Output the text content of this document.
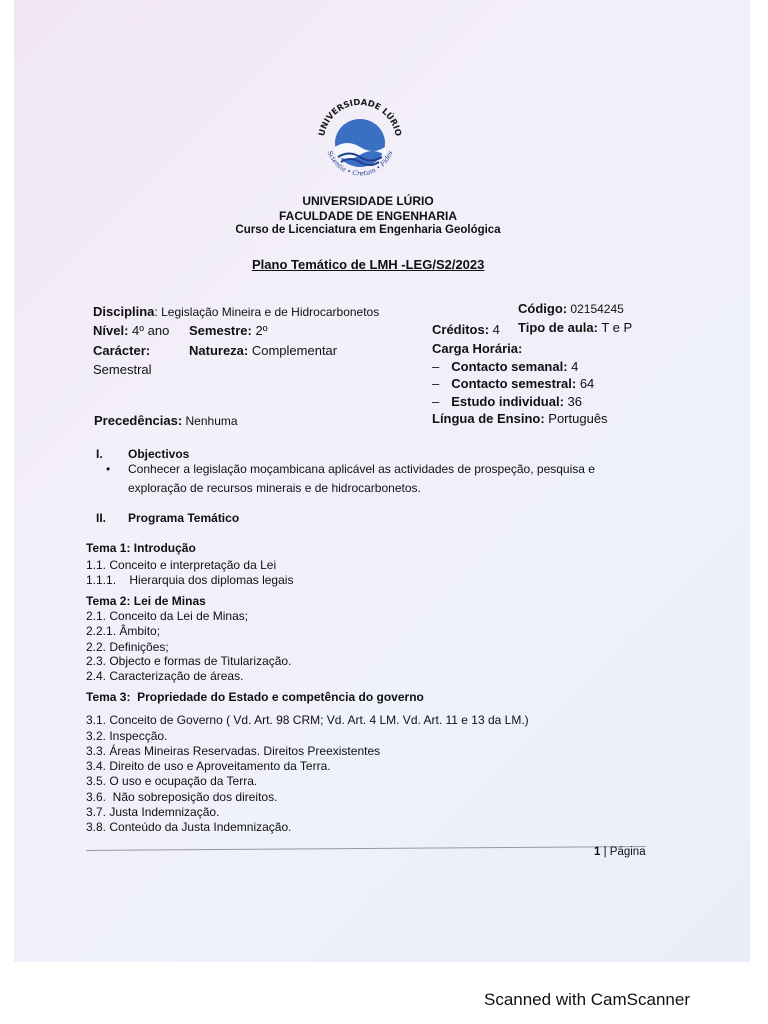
UNIVERSIDADE LÚRIO
Scientia • Cretum • Fides
UNIVERSIDADE LÚRIO
FACULDADE DE ENGENHARIA
Curso de Licenciatura em Engenharia Geológica
Plano Temático de LMH -LEG/S2/2023
Disciplina: Legislação Mineira e de Hidrocarbonetos	Código: 02154245
Nível: 4º ano Semestre: 2º	Créditos: 4 Tipo de aula: T e P
Carácter:	Natureza: Complementar	Carga Horária:
Semestral	– Contacto semanal: 4
– Contacto semestral: 64
– Estudo individual: 36
Precedências: Nenhuma	Língua de Ensino: Português
I. Objectivos
• Conhecer a legislação moçambicana aplicável as actividades de prospeção, pesquisa e
exploração de recursos minerais e de hidrocarbonetos.
II. Programa Temático
Tema 1: Introdução
1.1. Conceito e interpretação da Lei
1.1.1.    Hierarquia dos diplomas legais
Tema 2: Lei de Minas
2.1. Conceito da Lei de Minas;
2.2.1. Âmbito;
2.2. Definições;
2.3. Objecto e formas de Titularização.
2.4. Caracterização de áreas.
Tema 3:  Propriedade do Estado e competência do governo
3.1. Conceito de Governo ( Vd. Art. 98 CRM; Vd. Art. 4 LM. Vd. Art. 11 e 13 da LM.)
3.2. Inspecção.
3.3. Áreas Mineiras Reservadas. Direitos Preexistentes
3.4. Direito de uso e Aproveitamento da Terra.
3.5. O uso e ocupação da Terra.
3.6.  Não sobreposição dos direitos.
3.7. Justa Indemnização.
3.8. Conteúdo da Justa Indemnização.
1 | Página
Scanned with CamScanner
